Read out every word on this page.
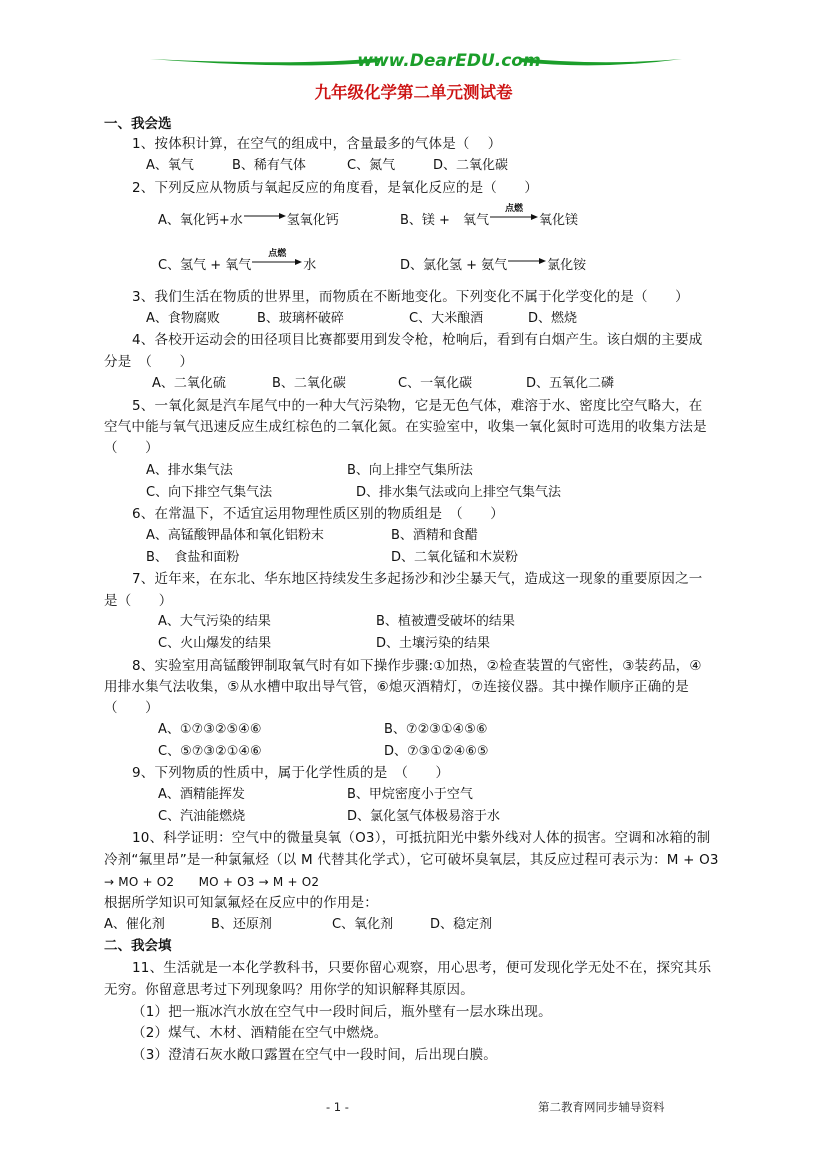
www.DearEDU.com
九年级化学第二单元测试卷
一、我会选
1、按体积计算，在空气的组成中，含量最多的气体是（　 ）
A、氧气	B、稀有气体	C、氮气	D、二氧化碳
2、下列反应从物质与氧起反应的角度看，是氧化反应的是（　　）
A、氧化钙+水→氢氧化钙	B、镁 +　氧气
点燃
氧化镁
C、氢气 + 氧气
点燃
水	D、氯化氢 + 氨气→氯化铵
3、我们生活在物质的世界里，而物质在不断地变化。下列变化不属于化学变化的是（　　）
A、食物腐败	B、玻璃杯破碎	C、大米酿酒	D、燃烧
4、各校开运动会的田径项目比赛都要用到发令枪，枪响后，看到有白烟产生。该白烟的主要成
分是　（　　）
A、二氧化硫	B、二氧化碳	C、一氧化碳	D、五氧化二磷
5、一氧化氮是汽车尾气中的一种大气污染物，它是无色气体，难溶于水、密度比空气略大，在
空气中能与氧气迅速反应生成红棕色的二氧化氮。在实验室中，收集一氧化氮时可选用的收集方法是
（　　）
A、排水集气法	B、向上排空气集所法
C、向下排空气集气法	D、排水集气法或向上排空气集气法
6、在常温下，不适宜运用物理性质区别的物质组是　（　　）
A、高锰酸钾晶体和氧化铝粉末	B、酒精和食醋
B、　食盐和面粉	D、二氧化锰和木炭粉
7、近年来，在东北、华东地区持续发生多起扬沙和沙尘暴天气，造成这一现象的重要原因之一
是（　　）
A、大气污染的结果	B、植被遭受破坏的结果
C、火山爆发的结果	D、土壤污染的结果
8、实验室用高锰酸钾制取氧气时有如下操作步骤:①加热，②检查装置的气密性，③装药品，④
用排水集气法收集，⑤从水槽中取出导气管，⑥熄灭酒精灯，⑦连接仪器。其中操作顺序正确的是
（　　）
A、①⑦③②⑤④⑥	B、⑦②③①④⑤⑥
C、⑤⑦③②①④⑥	D、⑦③①②④⑥⑤
9、下列物质的性质中，属于化学性质的是　（　　）
A、酒精能挥发	B、甲烷密度小于空气
C、汽油能燃烧	D、氯化氢气体极易溶于水
10、科学证明：空气中的微量臭氧（O3），可抵抗阳光中紫外线对人体的损害。空调和冰箱的制
冷剂“氟里昂”是一种氯氟烃（以 M 代替其化学式），它可破坏臭氧层，其反应过程可表示为：M + O3
→ MO + O2　　MO + O3 → M + O2
根据所学知识可知氯氟烃在反应中的作用是：
A、催化剂	B、还原剂	C、氧化剂	D、稳定剂
二、我会填
11、生活就是一本化学教科书，只要你留心观察，用心思考，便可发现化学无处不在，探究其乐
无穷。你留意思考过下列现象吗？用你学的知识解释其原因。
（1）把一瓶冰汽水放在空气中一段时间后，瓶外壁有一层水珠出现。
（2）煤气、木材、酒精能在空气中燃烧。
（3）澄清石灰水敞口露置在空气中一段时间，后出现白膜。
- 1 -	第二教育网同步辅导资料
